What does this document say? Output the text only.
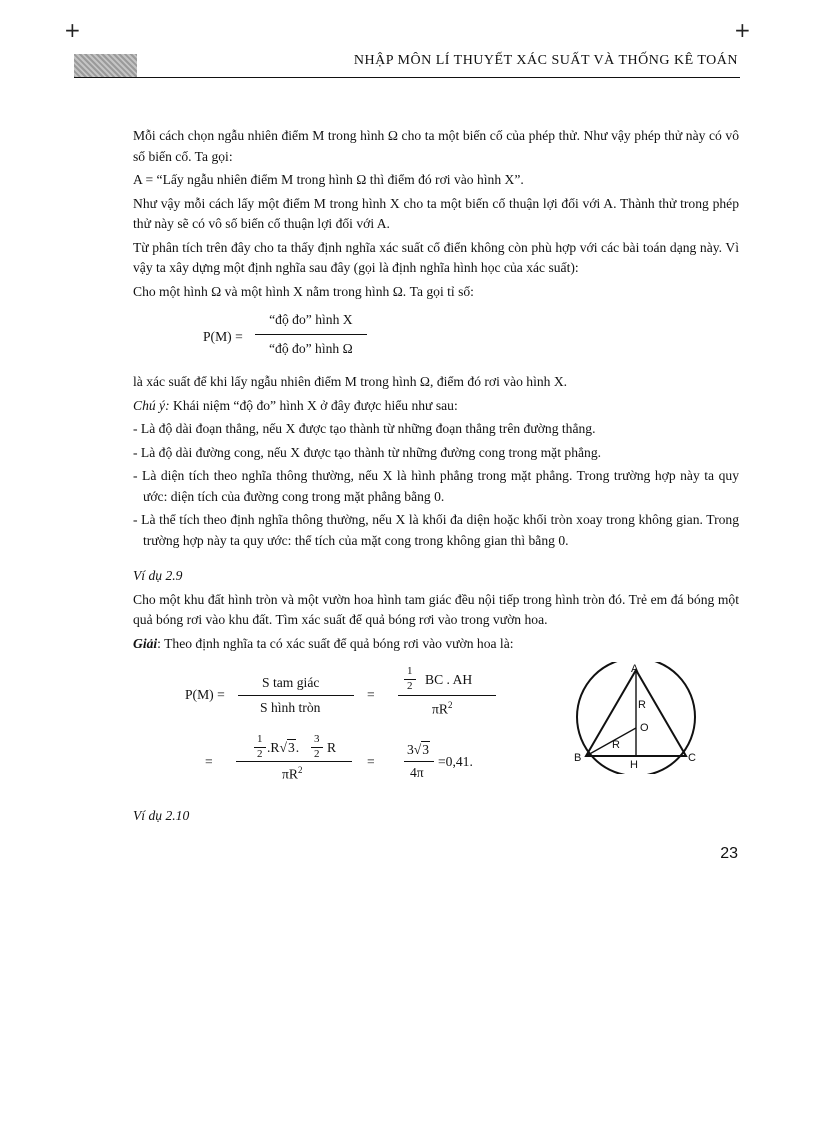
+	+
NHẬP MÔN LÍ THUYẾT XÁC SUẤT VÀ THỐNG KÊ TOÁN

Mỗi cách chọn ngẫu nhiên điểm M trong hình Ω cho ta một biến cố của phép thử. Như vậy phép thử này có vô số biến cố. Ta gọi:

A = “Lấy ngẫu nhiên điểm M trong hình Ω thì điểm đó rơi vào hình X”.

Như vậy mỗi cách lấy một điểm M trong hình X cho ta một biến cố thuận lợi đối với A. Thành thử trong phép thử này sẽ có vô số biến cố thuận lợi đối với A.

Từ phân tích trên đây cho ta thấy định nghĩa xác suất cổ điển không còn phù hợp với các bài toán dạng này. Vì vậy ta xây dựng một định nghĩa sau đây (gọi là định nghĩa hình học của xác suất):

Cho một hình Ω và một hình X nằm trong hình Ω. Ta gọi tỉ số:

P(M) =
“độ đo” hình X
“độ đo” hình Ω

là xác suất để khi lấy ngẫu nhiên điểm M trong hình Ω, điểm đó rơi vào hình X.

Chú ý: Khái niệm “độ đo” hình X ở đây được hiểu như sau:

- Là độ dài đoạn thẳng, nếu X được tạo thành từ những đoạn thẳng trên đường thẳng.

- Là độ dài đường cong, nếu X được tạo thành từ những đường cong trong mặt phẳng.

- Là diện tích theo nghĩa thông thường, nếu X là hình phẳng trong mặt phẳng. Trong trường hợp này ta quy ước: diện tích của đường cong trong mặt phẳng bằng 0.

- Là thể tích theo định nghĩa thông thường, nếu X là khối đa diện hoặc khối tròn xoay trong không gian. Trong trường hợp này ta quy ước: thể tích của mặt cong trong không gian thì bằng 0.

Ví dụ 2.9

Cho một khu đất hình tròn và một vườn hoa hình tam giác đều nội tiếp trong hình tròn đó. Trẻ em đá bóng một quả bóng rơi vào khu đất. Tìm xác suất để quả bóng rơi vào trong vườn hoa.

Giải: Theo định nghĩa ta có xác suất để quả bóng rơi vào vườn hoa là:

P(M) =
S tam giác
S hình tròn
=
1
2 BC . AH
$\pi R^2$
=
1
2 .R√3.
3
2 R
$\pi R^2$
=
3√3
4π
=0,41.
A
B	C
H
O
R
R

Ví dụ 2.10

23
